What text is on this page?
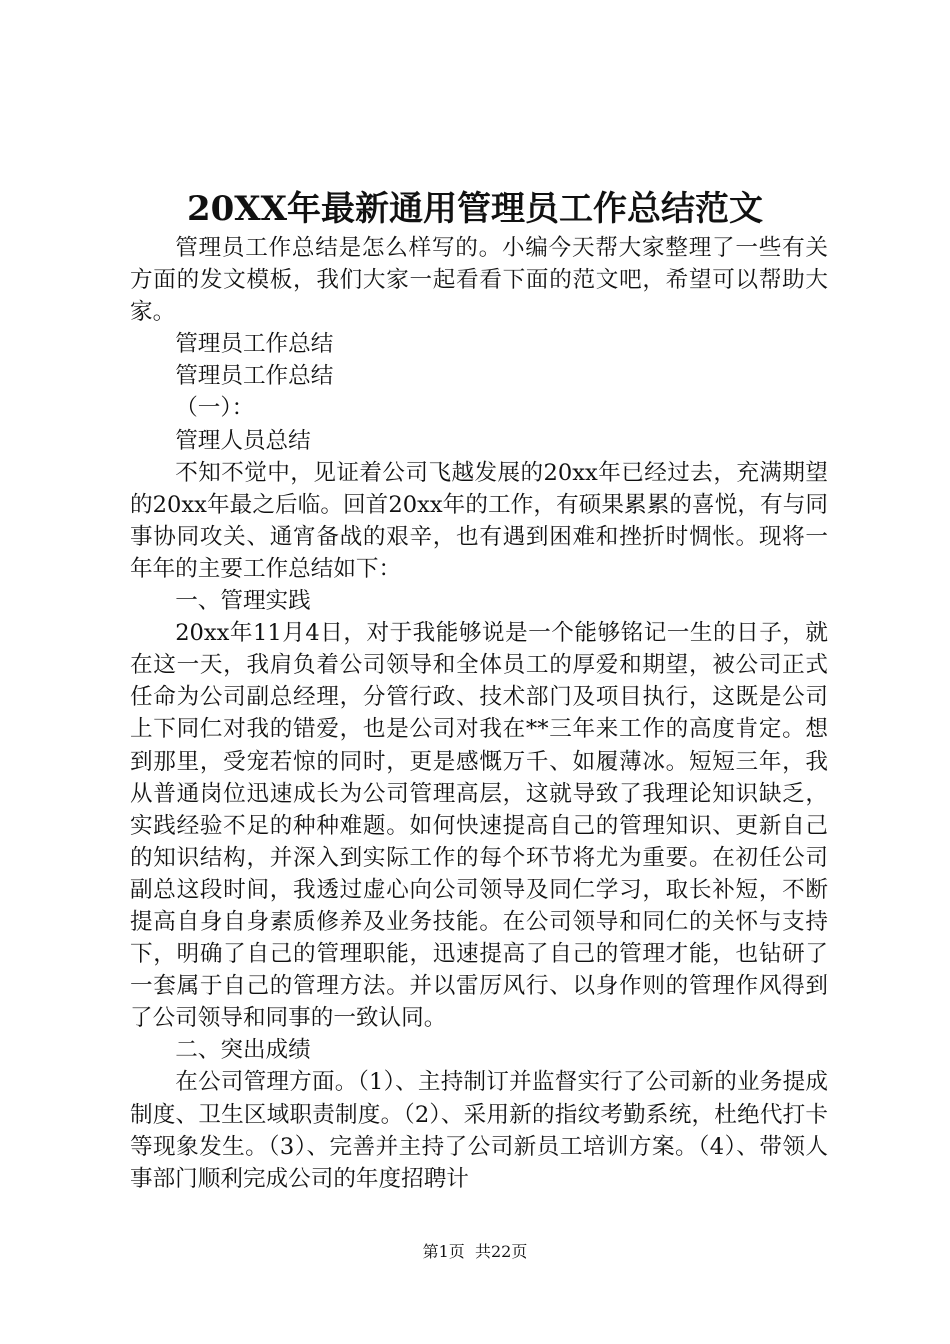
20XX年最新通用管理员工作总结范文

管理员工作总结是怎么样写的。小编今天帮大家整理了一些有关方面的发文模板，我们大家一起看看下面的范文吧，希望可以帮助大家。

管理员工作总结

管理员工作总结

（一）：

管理人员总结

不知不觉中，见证着公司飞越发展的20xx年已经过去，充满期望的20xx年最之后临。回首20xx年的工作，有硕果累累的喜悦，有与同事协同攻关、通宵备战的艰辛，也有遇到困难和挫折时惆怅。现将一年年的主要工作总结如下：

一、管理实践

20xx年11月4日，对于我能够说是一个能够铭记一生的日子，就在这一天，我肩负着公司领导和全体员工的厚爱和期望，被公司正式任命为公司副总经理，分管行政、技术部门及项目执行，这既是公司上下同仁对我的错爱，也是公司对我在**三年来工作的高度肯定。想到那里，受宠若惊的同时，更是感慨万千、如履薄冰。短短三年，我从普通岗位迅速成长为公司管理高层，这就导致了我理论知识缺乏，实践经验不足的种种难题。如何快速提高自己的管理知识、更新自己的知识结构，并深入到实际工作的每个环节将尤为重要。在初任公司副总这段时间，我透过虚心向公司领导及同仁学习，取长补短，不断提高自身自身素质修养及业务技能。在公司领导和同仁的关怀与支持下，明确了自己的管理职能，迅速提高了自己的管理才能，也钻研了一套属于自己的管理方法。并以雷厉风行、以身作则的管理作风得到了公司领导和同事的一致认同。

二、突出成绩

在公司管理方面。（1）、主持制订并监督实行了公司新的业务提成制度、卫生区域职责制度。（2）、采用新的指纹考勤系统，杜绝代打卡等现象发生。（3）、完善并主持了公司新员工培训方案。（4）、带领人事部门顺利完成公司的年度招聘计

第1页 共22页
